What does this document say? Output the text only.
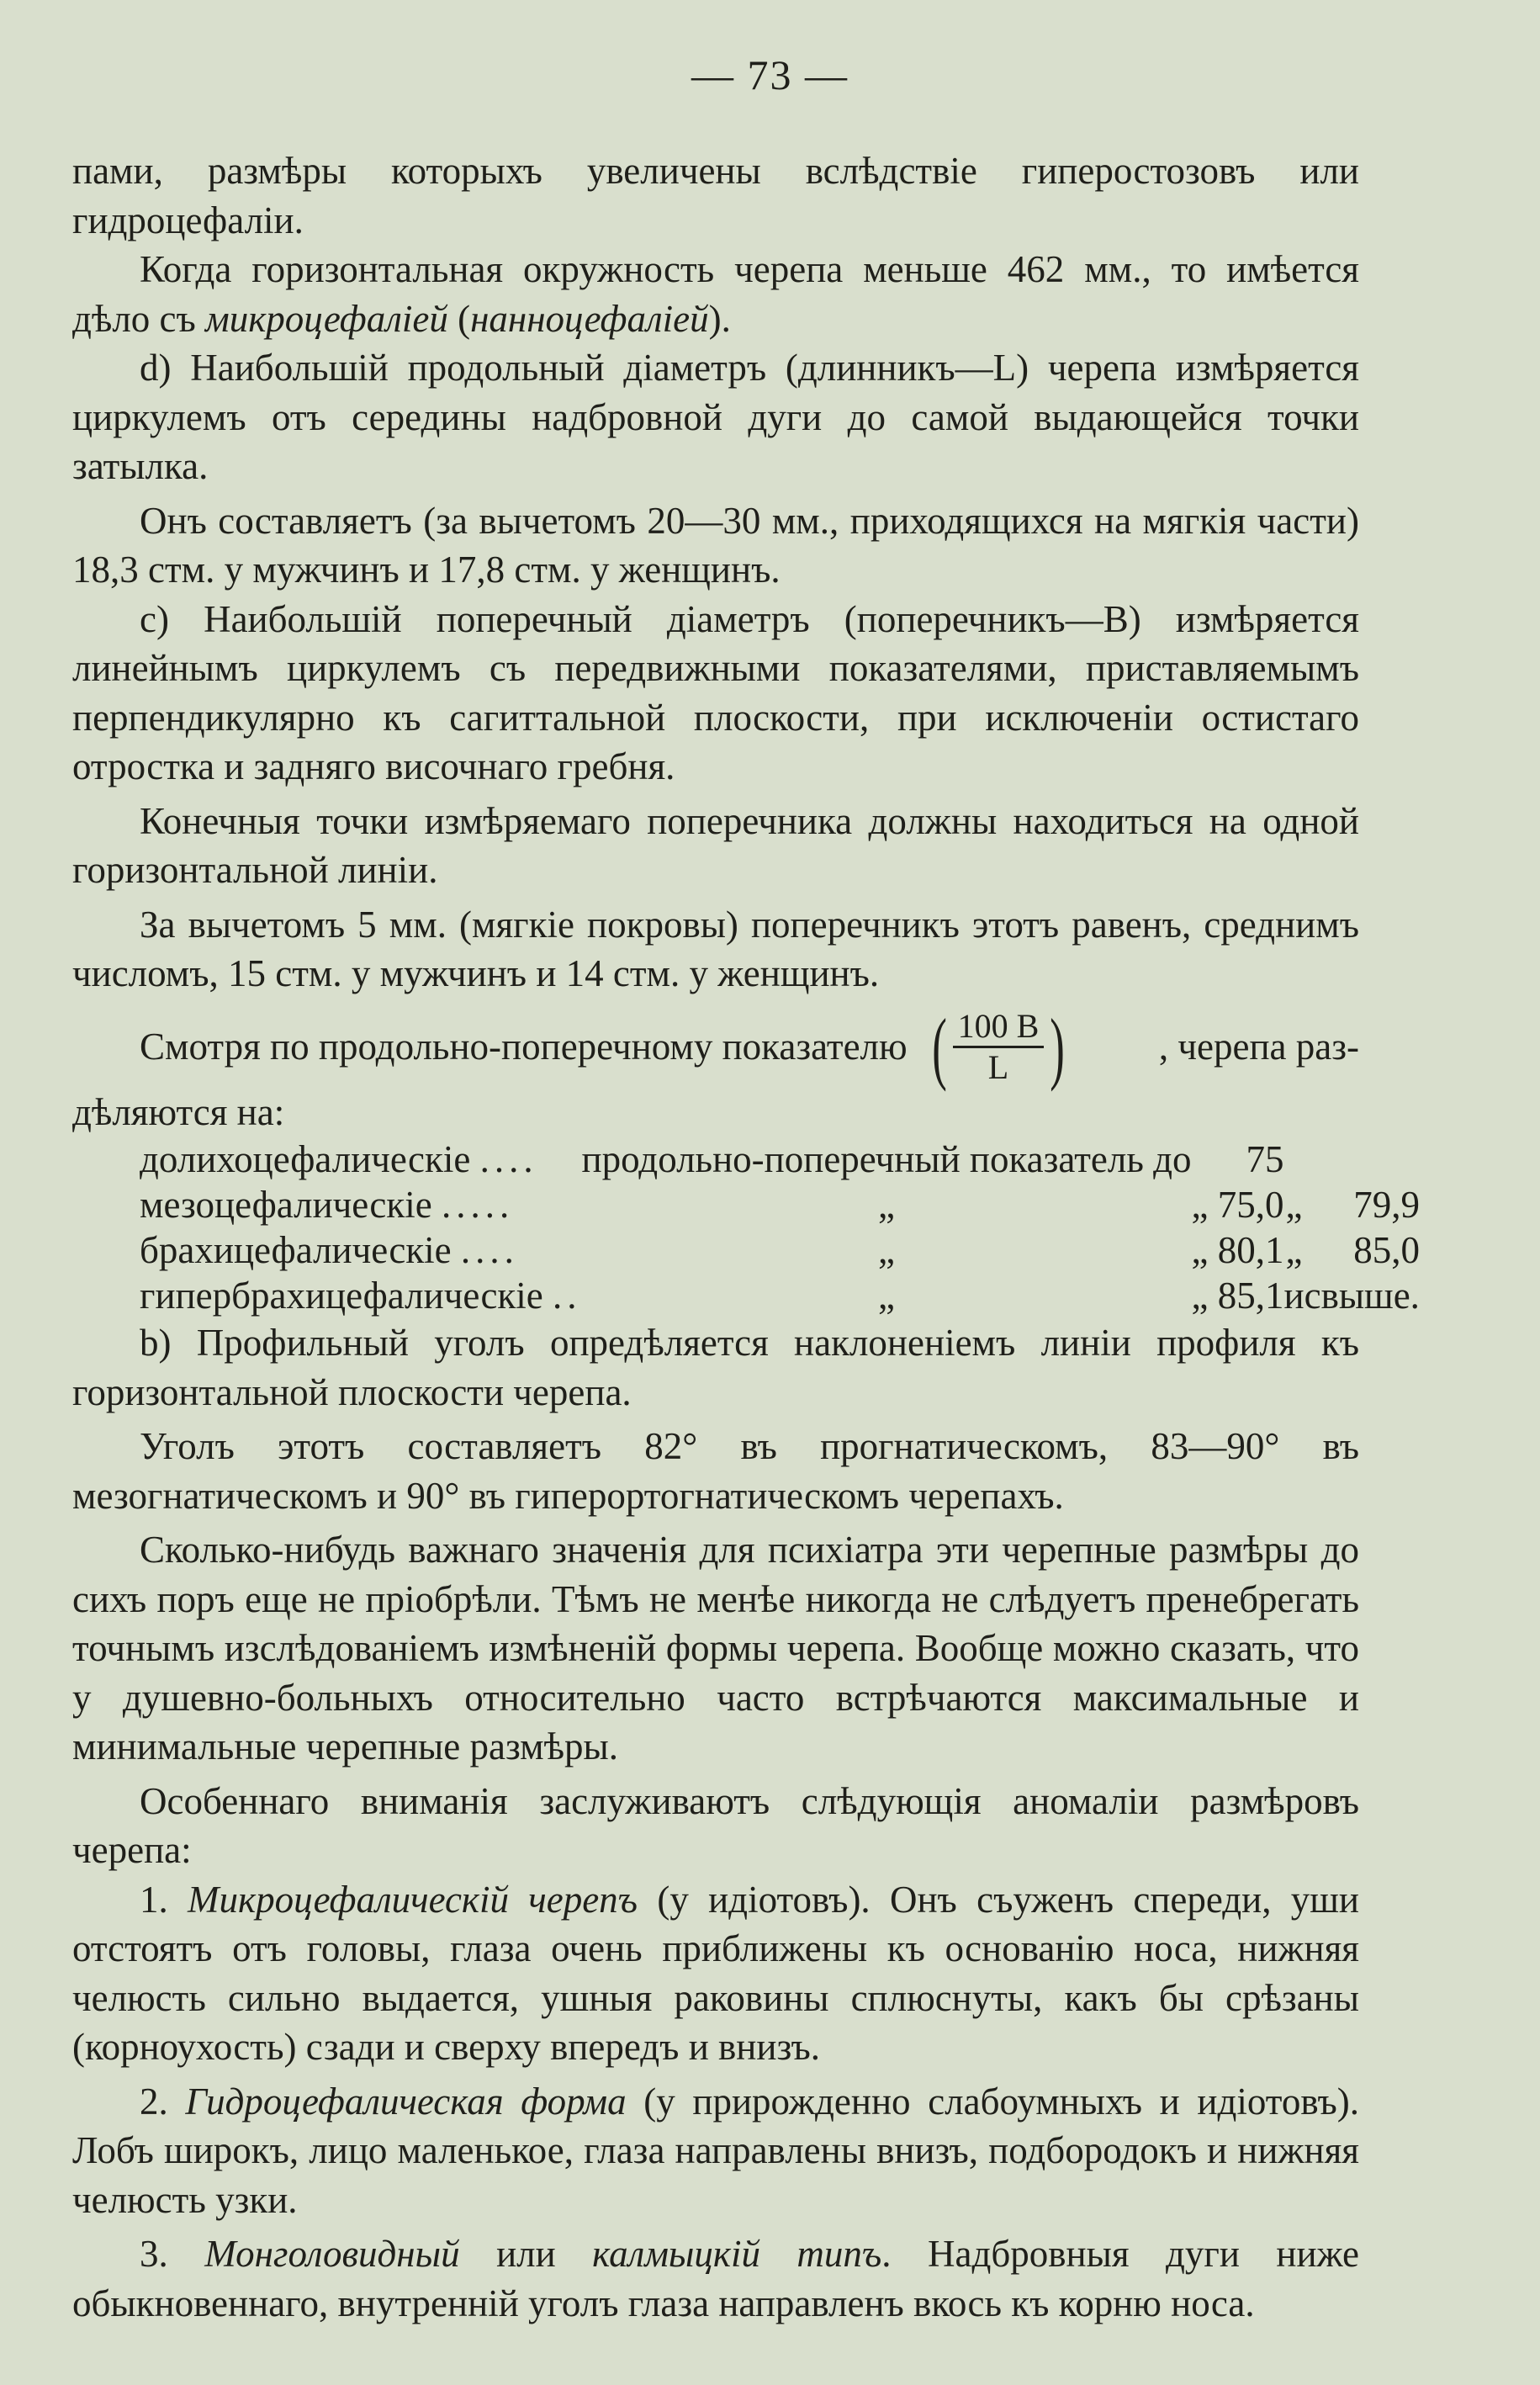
— 73 —

пами, размѣры которыхъ увеличены вслѣдствіе гиперостозовъ или гидроцефаліи.

Когда горизонтальная окружность черепа меньше 462 мм., то имѣется дѣло съ микроцефаліей (нанноцефаліей).

d) Наибольшій продольный діаметръ (длинникъ—L) черепа измѣряется циркулемъ отъ середины надбровной дуги до самой выдающейся точки затылка.

Онъ составляетъ (за вычетомъ 20—30 мм., приходящихся на мягкія части) 18,3 стм. у мужчинъ и 17,8 стм. у женщинъ.

c) Наибольшій поперечный діаметръ (поперечникъ—B) измѣряется линейнымъ циркулемъ съ передвижными показателями, приставляемымъ перпендикулярно къ сагиттальной плоскости, при исключеніи остистаго отростка и задняго височнаго гребня.

Конечныя точки измѣряемаго поперечника должны находиться на одной горизонтальной линіи.

За вычетомъ 5 мм. (мягкіе покровы) поперечникъ этотъ равенъ, среднимъ числомъ, 15 стм. у мужчинъ и 14 стм. у женщинъ.

Смотря по продольно-поперечному показателю ( $\frac{100 B}{L}$ ) , черепа раз-

дѣляются на:

долихоцефалическіе ....	продольно-поперечный показатель до	75		
мезоцефалическіе .....	„	„ 75,0	„	79,9
брахицефалическіе ....	„	„ 80,1	„	85,0
гипербрахицефалическіе ..	„	„ 85,1	и	свыше.

b) Профильный уголъ опредѣляется наклоненіемъ линіи профиля къ горизонтальной плоскости черепа.

Уголъ этотъ составляетъ 82° въ прогнатическомъ, 83—90° въ мезогнатическомъ и 90° въ гиперортогнатическомъ черепахъ.

Сколько-нибудь важнаго значенія для психіатра эти черепные размѣры до сихъ поръ еще не пріобрѣли. Тѣмъ не менѣе никогда не слѣдуетъ пренебрегать точнымъ изслѣдованіемъ измѣненій формы черепа. Вообще можно сказать, что у душевно-больныхъ относительно часто встрѣчаются максимальные и минимальные черепные размѣры.

Особеннаго вниманія заслуживаютъ слѣдующія аномаліи размѣровъ черепа:

1. Микроцефалическій черепъ (у идіотовъ). Онъ съуженъ спереди, уши отстоятъ отъ головы, глаза очень приближены къ основанію носа, нижняя челюсть сильно выдается, ушныя раковины сплюснуты, какъ бы срѣзаны (корноухость) сзади и сверху впередъ и внизъ.

2. Гидроцефалическая форма (у прирожденно слабоумныхъ и идіотовъ). Лобъ широкъ, лицо маленькое, глаза направлены внизъ, подбородокъ и нижняя челюсть узки.

3. Монголовидный или калмыцкій типъ. Надбровныя дуги ниже обыкновеннаго, внутренній уголъ глаза направленъ вкось къ корню носа.
